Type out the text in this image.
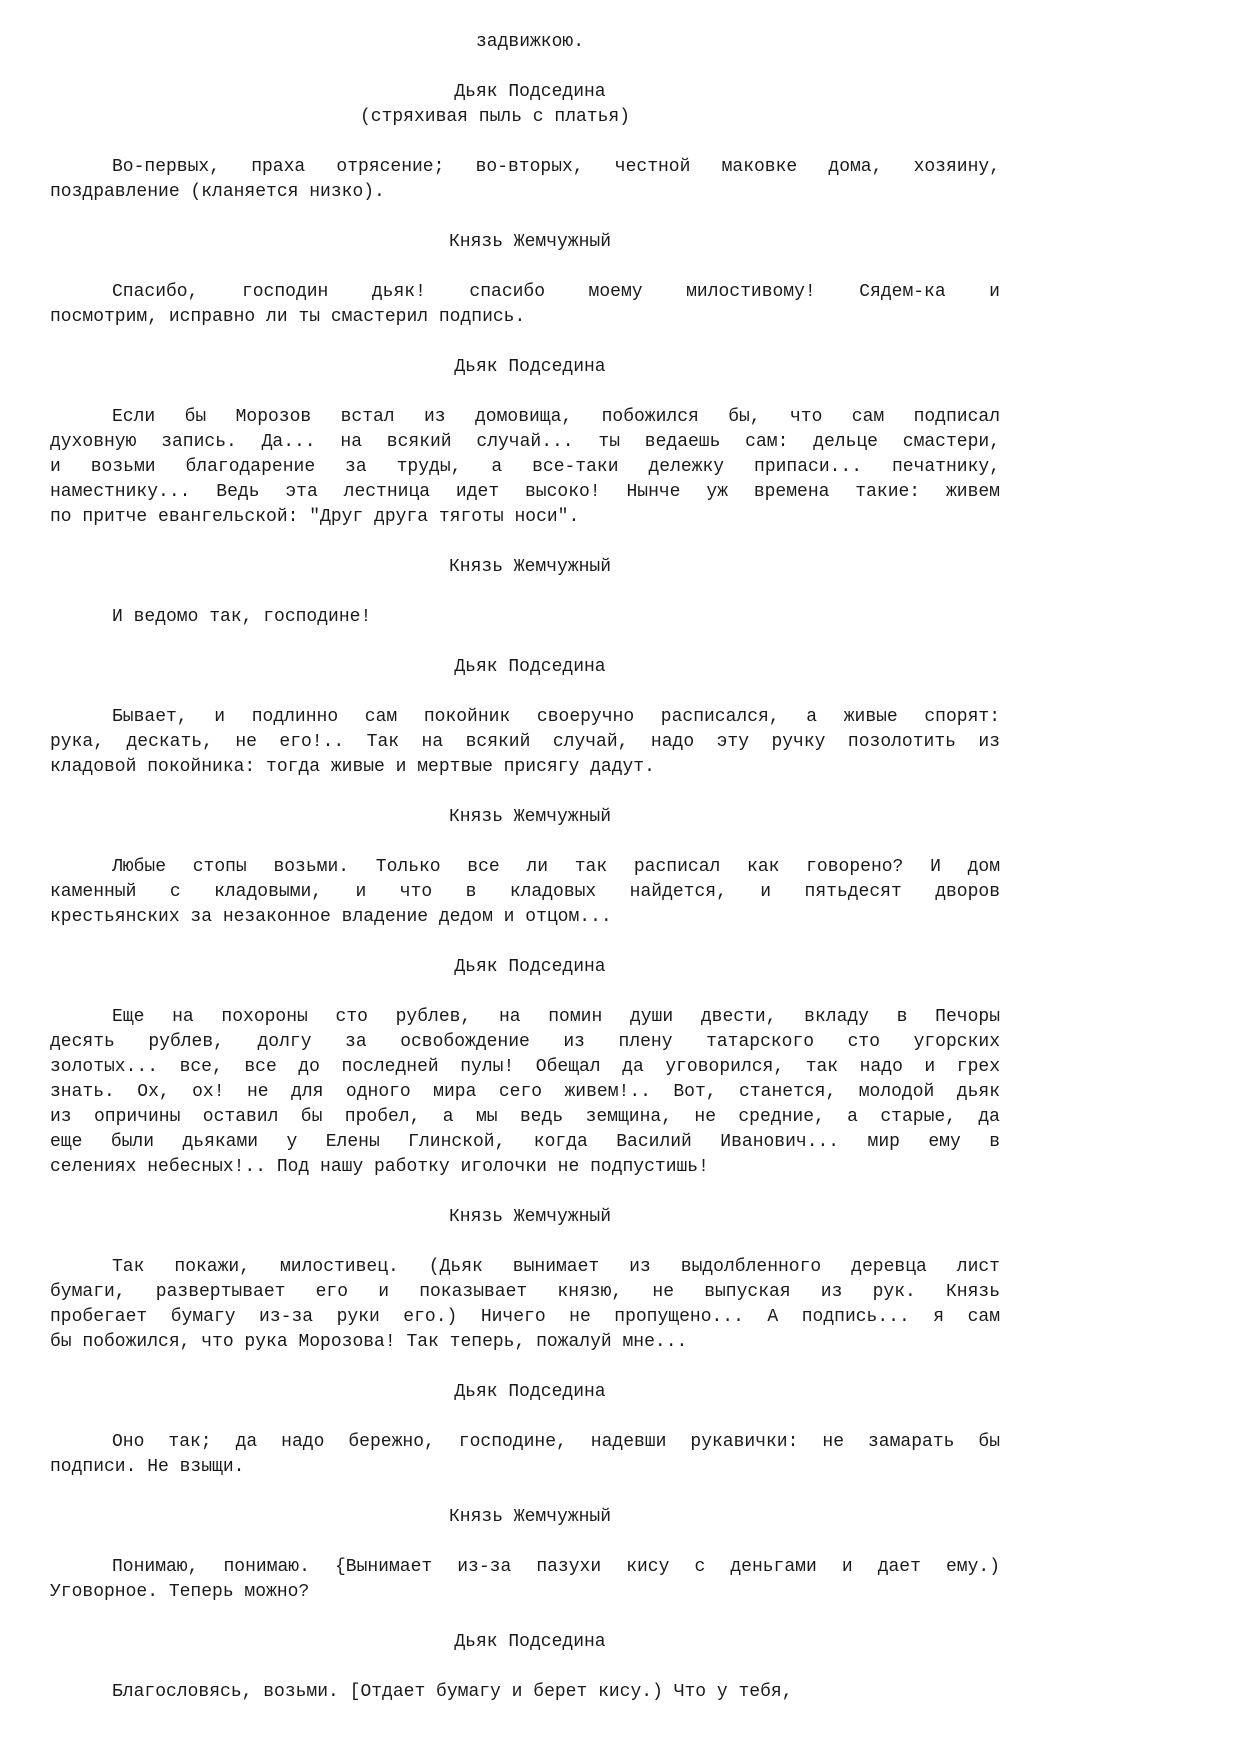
задвижкою.
Дьяк Подседина
(стряхивая пыль с платья)
Во-первых, праха отрясение; во-вторых, честной маковке дома, хозяину,
поздравление (кланяется низко).
Князь Жемчужный
Спасибо, господин дьяк! спасибо моему милостивому! Сядем-ка и
посмотрим, исправно ли ты смастерил подпись.
Дьяк Подседина
Если бы Морозов встал из домовища, побожился бы, что сам подписал
духовную запись. Да... на всякий случай... ты ведаешь сам: дельце смастери,
и возьми благодарение за труды, а все-таки дележку припаси... печатнику,
наместнику... Ведь эта лестница идет высоко! Нынче уж времена такие: живем
по притче евангельской: "Друг друга тяготы носи".
Князь Жемчужный
И ведомо так, господине!
Дьяк Подседина
Бывает, и подлинно сам покойник своеручно расписался, а живые спорят:
рука, дескать, не его!.. Так на всякий случай, надо эту ручку позолотить из
кладовой покойника: тогда живые и мертвые присягу дадут.
Князь Жемчужный
Любые стопы возьми. Только все ли так расписал как говорено? И дом
каменный с кладовыми, и что в кладовых найдется, и пятьдесят дворов
крестьянских за незаконное владение дедом и отцом...
Дьяк Подседина
Еще на похороны сто рублев, на помин души двести, вкладу в Печоры
десять рублев, долгу за освобождение из плену татарского сто угорских
золотых... все, все до последней пулы! Обещал да уговорился, так надо и грех
знать. Ох, ох! не для одного мира сего живем!.. Вот, станется, молодой дьяк
из опричины оставил бы пробел, а мы ведь земщина, не средние, а старые, да
еще были дьяками у Елены Глинской, когда Василий Иванович... мир ему в
селениях небесных!.. Под нашу работку иголочки не подпустишь!
Князь Жемчужный
Так покажи, милостивец. (Дьяк вынимает из выдолбленного деревца лист
бумаги, развертывает его и показывает князю, не выпуская из рук. Князь
пробегает бумагу из-за руки его.) Ничего не пропущено... А подпись... я сам
бы побожился, что рука Морозова! Так теперь, пожалуй мне...
Дьяк Подседина
Оно так; да надо бережно, господине, надевши рукавички: не замарать бы
подписи. Не взыщи.
Князь Жемчужный
Понимаю, понимаю. {Вынимает из-за пазухи кису с деньгами и дает ему.)
Уговорное. Теперь можно?
Дьяк Подседина
Благословясь, возьми. [Отдает бумагу и берет кису.) Что у тебя,
